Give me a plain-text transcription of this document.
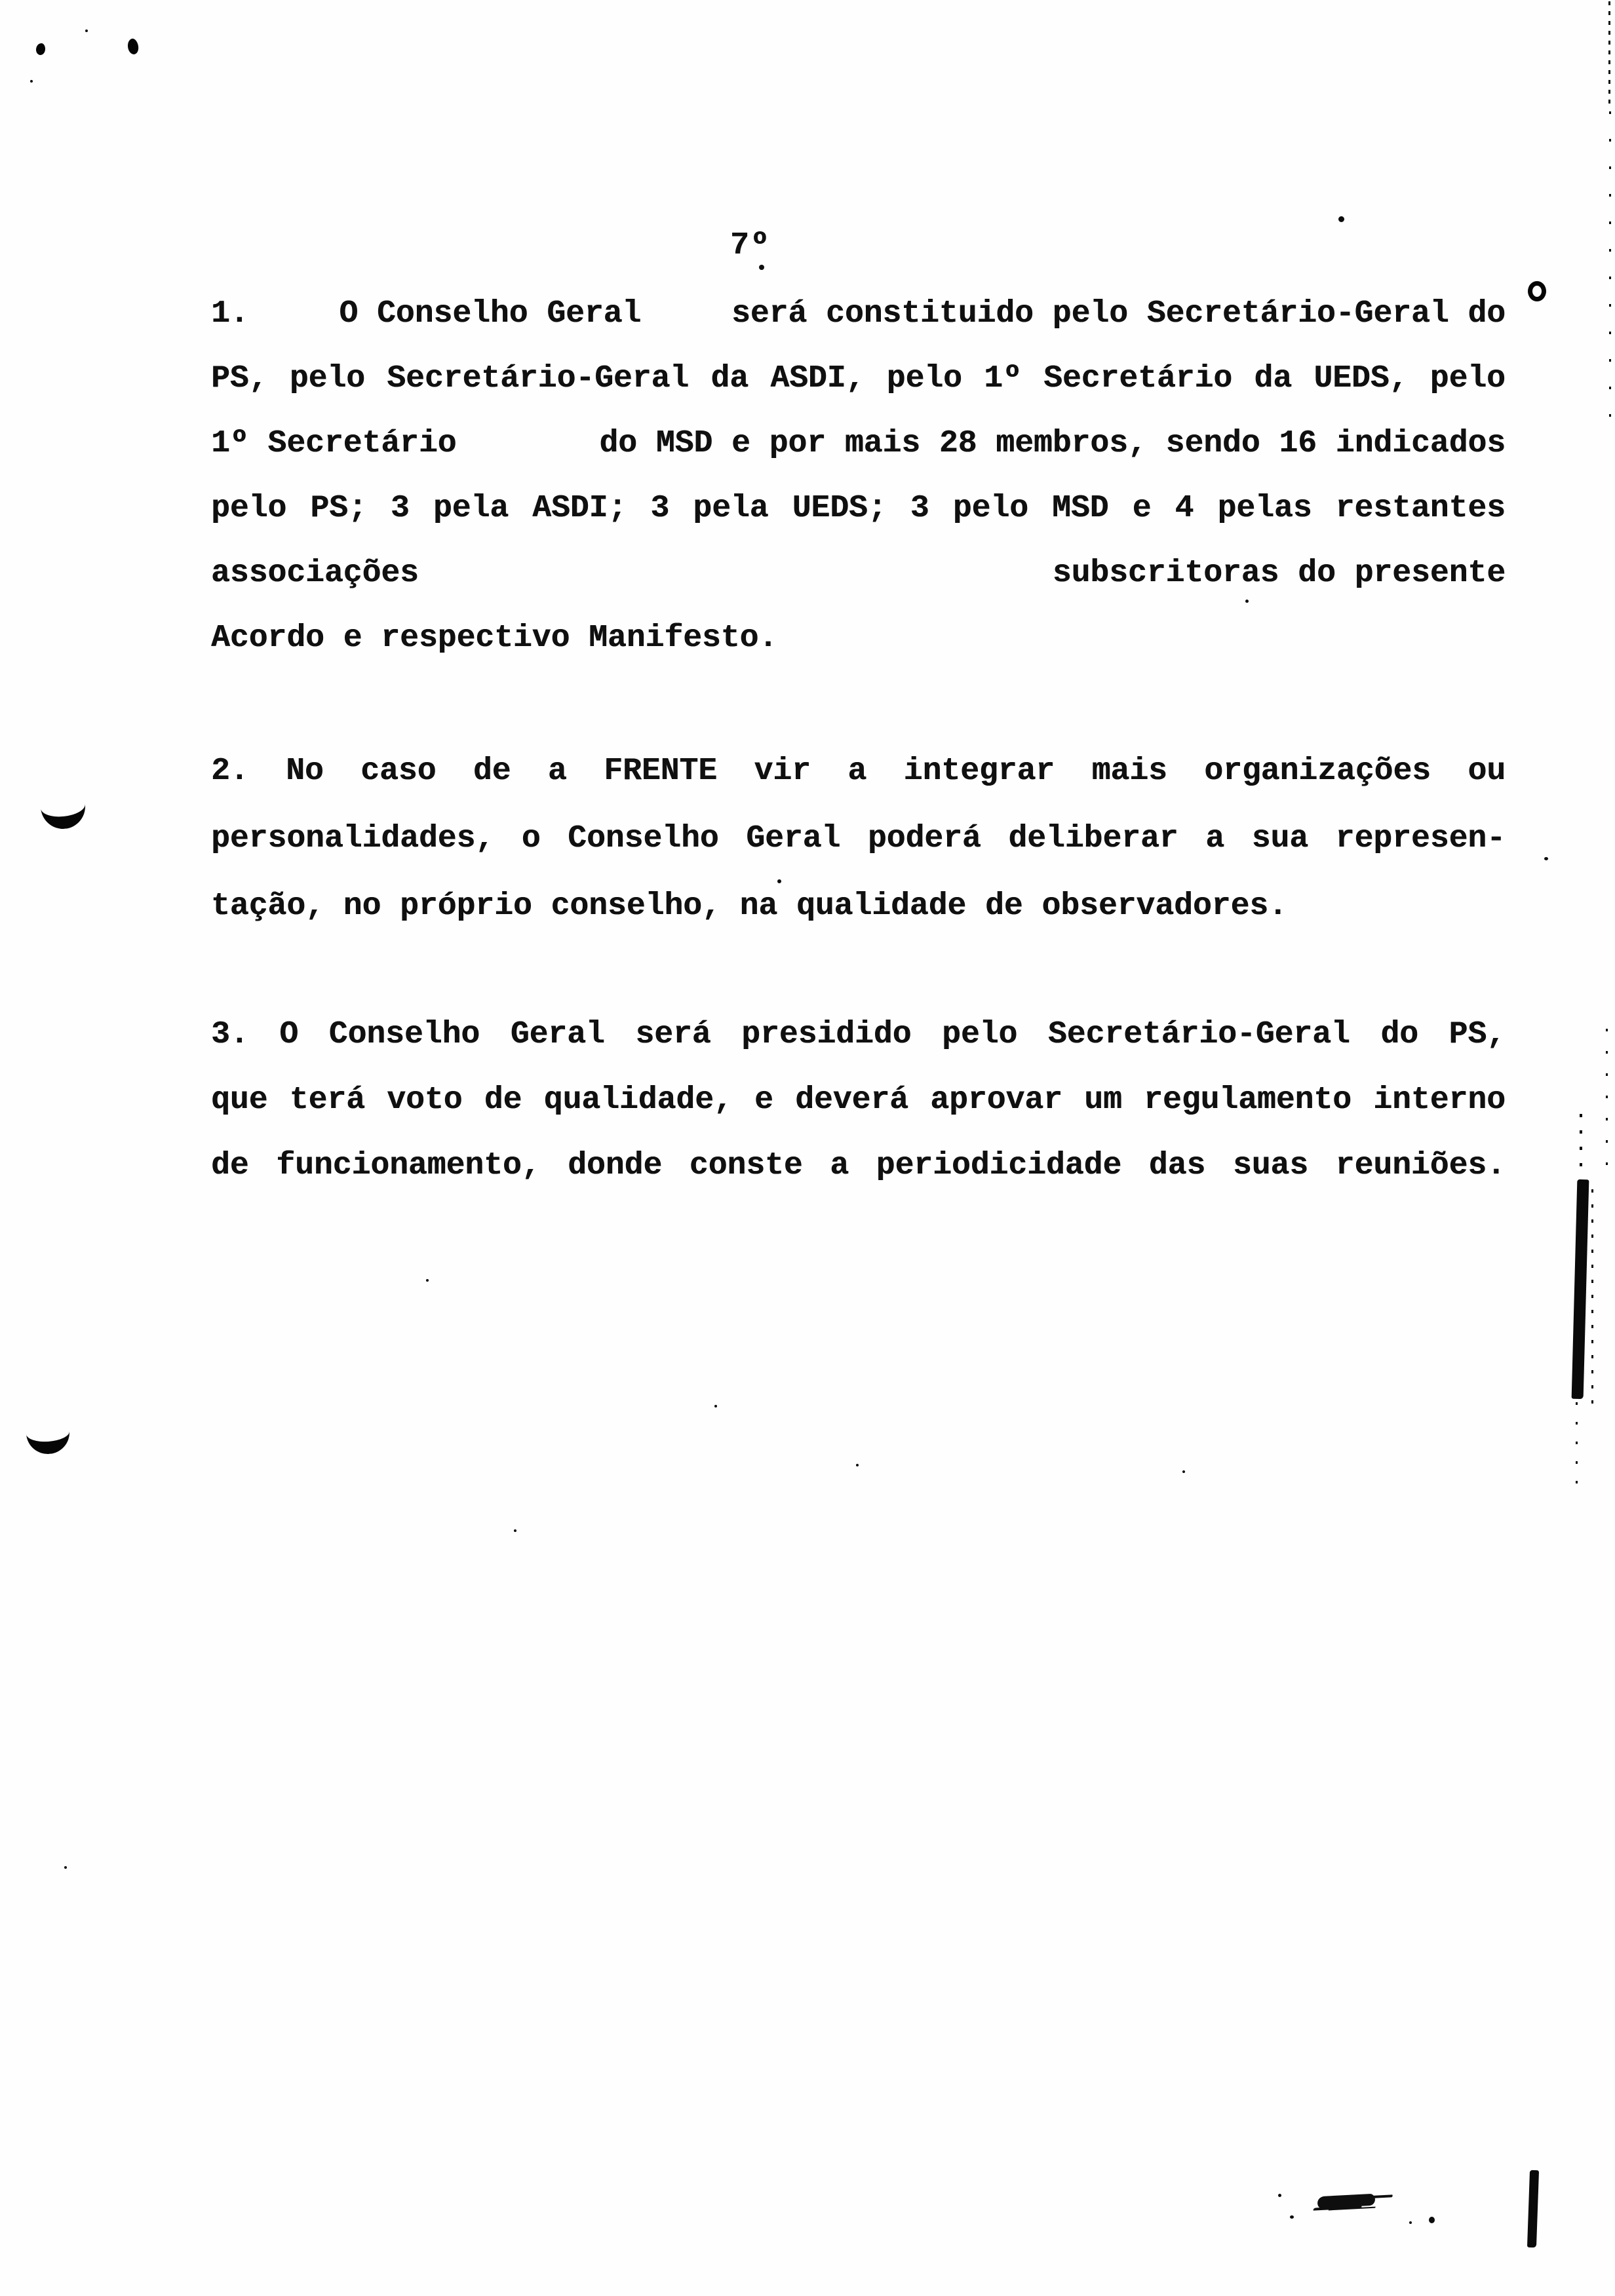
7º
1.	O Conselho Geral	será constituido pelo Secretário-Geral do
PS, pelo Secretário-Geral da ASDI, pelo 1º Secretário da UEDS, pelo
1º Secretário	do MSD e por mais 28 membros, sendo 16 indicados
pelo PS; 3 pela ASDI; 3 pela UEDS; 3 pelo MSD e 4 pelas restantes
associações	subscritoras do presente
Acordo e respectivo Manifesto.
2. No caso de a FRENTE vir a integrar mais organizações ou
personalidades, o Conselho Geral poderá deliberar a sua represen-
tação, no próprio conselho, na qualidade de observadores.
3. O Conselho Geral será presidido pelo Secretário-Geral do PS,
que terá voto de qualidade, e deverá aprovar um regulamento interno
de funcionamento, donde conste a periodicidade das suas reuniões.
